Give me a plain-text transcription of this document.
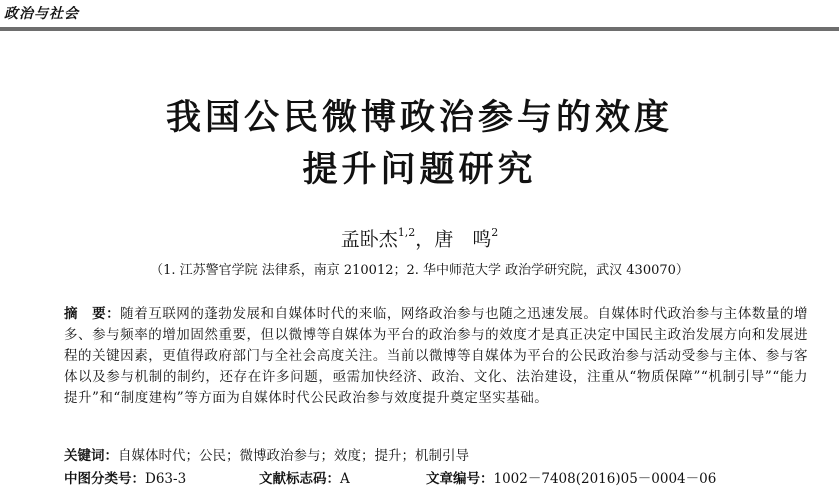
政治与社会
我国公民微博政治参与的效度
提升问题研究
孟卧杰$^{1,2}$，唐　鸣$^2$
（1. 江苏警官学院 法律系，南京 210012；2. 华中师范大学 政治学研究院，武汉 430070）
摘　要：随着互联网的蓬勃发展和自媒体时代的来临，网络政治参与也随之迅速发展。自媒体时代政治参与主体数量的增多、参与频率的增加固然重要，但以微博等自媒体为平台的政治参与的效度才是真正决定中国民主政治发展方向和发展进程的关键因素，更值得政府部门与全社会高度关注。当前以微博等自媒体为平台的公民政治参与活动受参与主体、参与客体以及参与机制的制约，还存在许多问题，亟需加快经济、政治、文化、法治建设，注重从“物质保障”“机制引导”“能力提升”和“制度建构”等方面为自媒体时代公民政治参与效度提升奠定坚实基础。
关键词：自媒体时代；公民；微博政治参与；效度；提升；机制引导
中图分类号：D63-3	文献标志码：A	文章编号：1002－7408(2016)05－0004－06
